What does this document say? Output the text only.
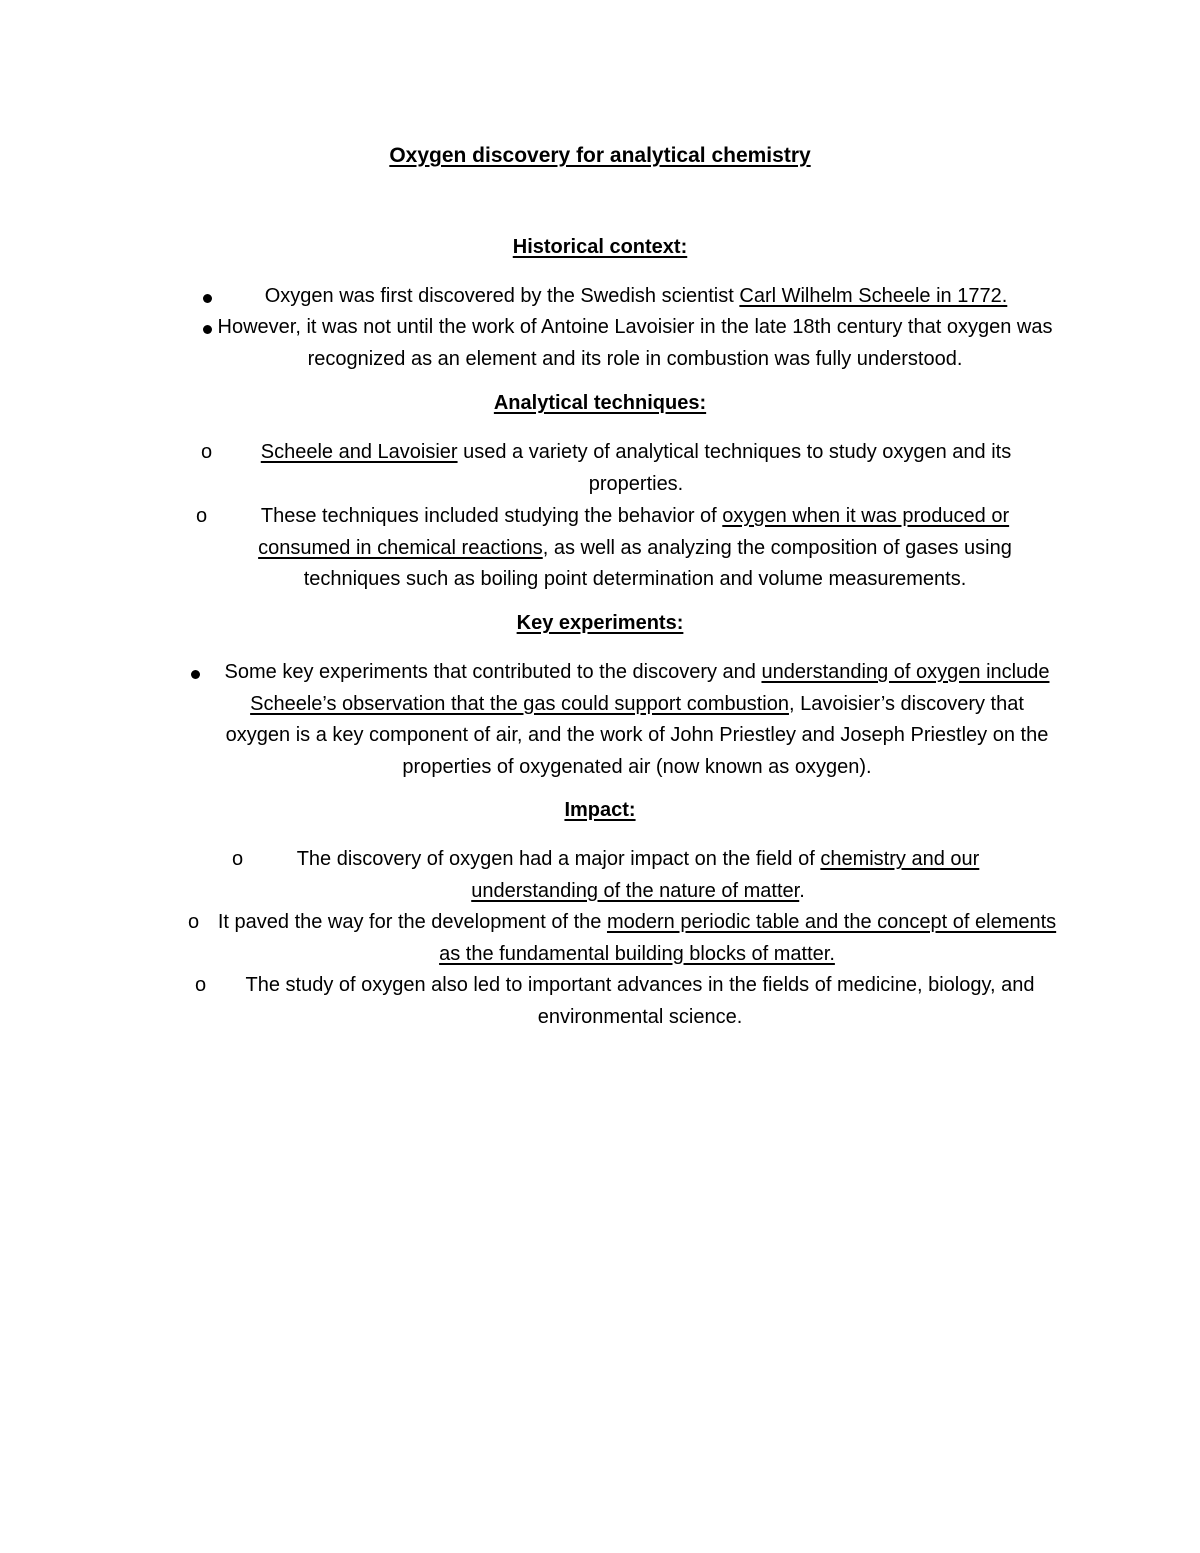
Oxygen discovery for analytical chemistry
Historical context:
Oxygen was first discovered by the Swedish scientist Carl Wilhelm Scheele in 1772.
However, it was not until the work of Antoine Lavoisier in the late 18th century that oxygen was recognized as an element and its role in combustion was fully understood.
Analytical techniques:
o	Scheele and Lavoisier used a variety of analytical techniques to study oxygen and its properties.
o	These techniques included studying the behavior of oxygen when it was produced or consumed in chemical reactions, as well as analyzing the composition of gases using techniques such as boiling point determination and volume measurements.
Key experiments:
Some key experiments that contributed to the discovery and understanding of oxygen include Scheele’s observation that the gas could support combustion, Lavoisier’s discovery that oxygen is a key component of air, and the work of John Priestley and Joseph Priestley on the properties of oxygenated air (now known as oxygen).
Impact:
o	The discovery of oxygen had a major impact on the field of chemistry and our understanding of the nature of matter.
o It paved the way for the development of the modern periodic table and the concept of elements as the fundamental building blocks of matter.
o	The study of oxygen also led to important advances in the fields of medicine, biology, and environmental science.
